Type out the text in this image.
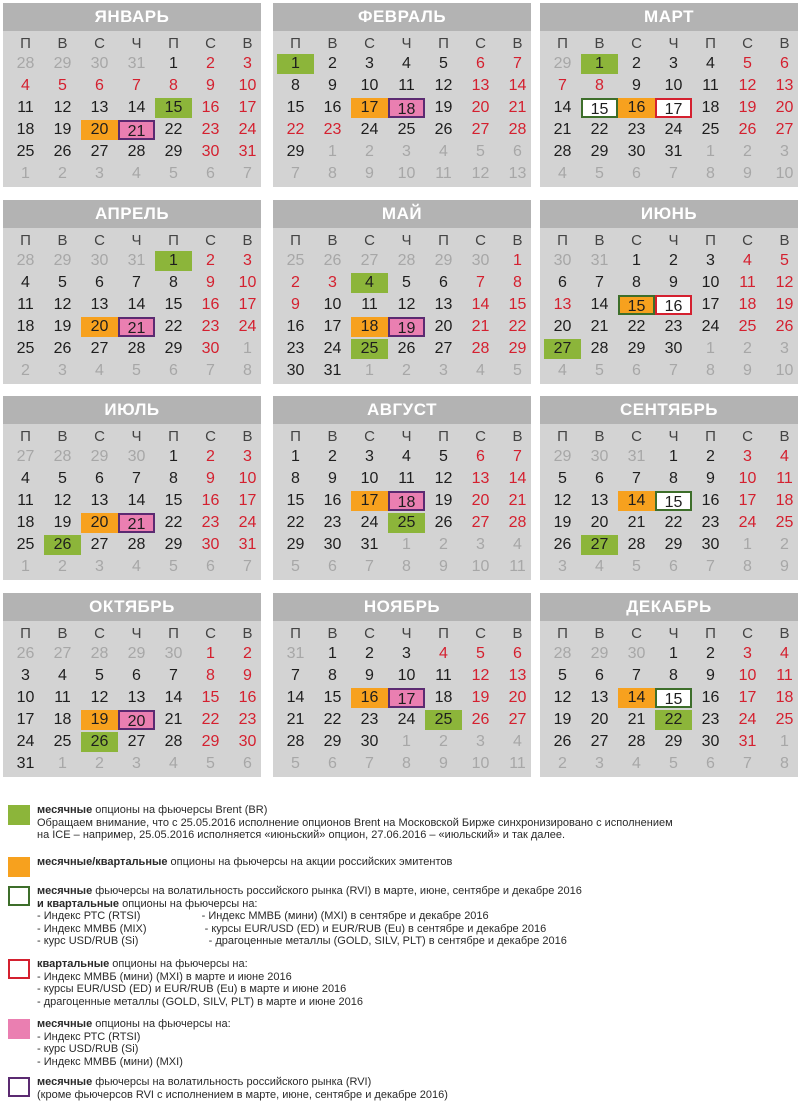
ЯНВАРЬ
П	В	С	Ч	П	С	В
28	29	30	31	1	2	3
4	5	6	7	8	9	10
11	12	13	14	15	16	17
18	19	20	21	22	23	24
25	26	27	28	29	30	31
1	2	3	4	5	6	7
ФЕВРАЛЬ
П	В	С	Ч	П	С	В
1	2	3	4	5	6	7
8	9	10	11	12	13	14
15	16	17	18	19	20	21
22	23	24	25	26	27	28
29	1	2	3	4	5	6
7	8	9	10	11	12	13
МАРТ
П	В	С	Ч	П	С	В
29	1	2	3	4	5	6
7	8	9	10	11	12	13
14	15	16	17	18	19	20
21	22	23	24	25	26	27
28	29	30	31	1	2	3
4	5	6	7	8	9	10
АПРЕЛЬ
П	В	С	Ч	П	С	В
28	29	30	31	1	2	3
4	5	6	7	8	9	10
11	12	13	14	15	16	17
18	19	20	21	22	23	24
25	26	27	28	29	30	1
2	3	4	5	6	7	8
МАЙ
П	В	С	Ч	П	С	В
25	26	27	28	29	30	1
2	3	4	5	6	7	8
9	10	11	12	13	14	15
16	17	18	19	20	21	22
23	24	25	26	27	28	29
30	31	1	2	3	4	5
ИЮНЬ
П	В	С	Ч	П	С	В
30	31	1	2	3	4	5
6	7	8	9	10	11	12
13	14	15	16	17	18	19
20	21	22	23	24	25	26
27	28	29	30	1	2	3
4	5	6	7	8	9	10
ИЮЛЬ
П	В	С	Ч	П	С	В
27	28	29	30	1	2	3
4	5	6	7	8	9	10
11	12	13	14	15	16	17
18	19	20	21	22	23	24
25	26	27	28	29	30	31
1	2	3	4	5	6	7
АВГУСТ
П	В	С	Ч	П	С	В
1	2	3	4	5	6	7
8	9	10	11	12	13	14
15	16	17	18	19	20	21
22	23	24	25	26	27	28
29	30	31	1	2	3	4
5	6	7	8	9	10	11
СЕНТЯБРЬ
П	В	С	Ч	П	С	В
29	30	31	1	2	3	4
5	6	7	8	9	10	11
12	13	14	15	16	17	18
19	20	21	22	23	24	25
26	27	28	29	30	1	2
3	4	5	6	7	8	9
ОКТЯБРЬ
П	В	С	Ч	П	С	В
26	27	28	29	30	1	2
3	4	5	6	7	8	9
10	11	12	13	14	15	16
17	18	19	20	21	22	23
24	25	26	27	28	29	30
31	1	2	3	4	5	6
НОЯБРЬ
П	В	С	Ч	П	С	В
31	1	2	3	4	5	6
7	8	9	10	11	12	13
14	15	16	17	18	19	20
21	22	23	24	25	26	27
28	29	30	1	2	3	4
5	6	7	8	9	10	11
ДЕКАБРЬ
П	В	С	Ч	П	С	В
28	29	30	1	2	3	4
5	6	7	8	9	10	11
12	13	14	15	16	17	18
19	20	21	22	23	24	25
26	27	28	29	30	31	1
2	3	4	5	6	7	8
месячные опционы на фьючерсы Brent (BR)
Обращаем внимание, что с 25.05.2016 исполнение опционов Brent на Московской Бирже синхронизировано с исполнением
на ICE – например, 25.05.2016 исполняется «июньский» опцион, 27.06.2016 – «июльский» и так далее.
месячные/квартальные опционы на фьючерсы на акции российских эмитентов
месячные фьючерсы на волатильность российского рынка (RVI) в марте, июне, сентябре и декабре 2016
и квартальные опционы на фьючерсы на:
- Индекс РТС (RTSI)                    - Индекс ММВБ (мини) (MXI) в сентябре и декабре 2016
- Индекс ММВБ (MIX)                   - курсы EUR/USD (ED) и EUR/RUB (Eu) в сентябре и декабре 2016
- курс USD/RUB (Si)                       - драгоценные металлы (GOLD, SILV, PLT) в сентябре и декабре 2016
квартальные опционы на фьючерсы на:
- Индекс ММВБ (мини) (MXI) в марте и июне 2016
- курсы EUR/USD (ED) и EUR/RUB (Eu) в марте и июне 2016
- драгоценные металлы (GOLD, SILV, PLT) в марте и июне 2016
месячные опционы на фьючерсы на:
- Индекс РТС (RTSI)
- курс USD/RUB (Si)
- Индекс ММВБ (мини) (MXI)
месячные фьючерсы на волатильность российского рынка (RVI)
(кроме фьючерсов RVI с исполнением в марте, июне, сентябре и декабре 2016)
